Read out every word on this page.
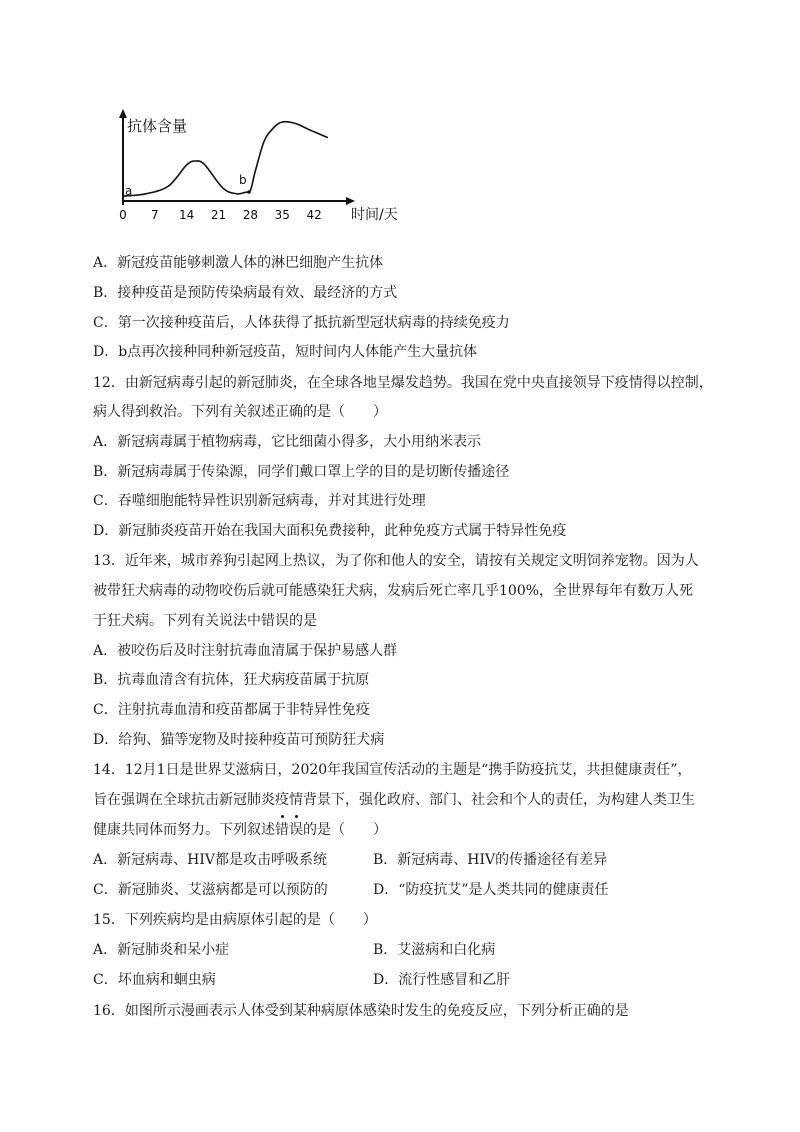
抗体含量
时间/天
0 7 14 21 28 35 42
a
b
A．新冠疫苗能够刺激人体的淋巴细胞产生抗体
B．接种疫苗是预防传染病最有效、最经济的方式
C．第一次接种疫苗后，人体获得了抵抗新型冠状病毒的持续免疫力
D．b点再次接种同种新冠疫苗，短时间内人体能产生大量抗体
12．由新冠病毒引起的新冠肺炎，在全球各地呈爆发趋势。我国在党中央直接领导下疫情得以控制，
病人得到救治。下列有关叙述正确的是（　　）
A．新冠病毒属于植物病毒，它比细菌小得多，大小用纳米表示
B．新冠病毒属于传染源，同学们戴口罩上学的目的是切断传播途径
C．吞噬细胞能特异性识别新冠病毒，并对其进行处理
D．新冠肺炎疫苗开始在我国大面积免费接种，此种免疫方式属于特异性免疫
13．近年来，城市养狗引起网上热议，为了你和他人的安全，请按有关规定文明饲养宠物。因为人
被带狂犬病毒的动物咬伤后就可能感染狂犬病，发病后死亡率几乎100%，全世界每年有数万人死
于狂犬病。下列有关说法中错误的是
A．被咬伤后及时注射抗毒血清属于保护易感人群
B．抗毒血清含有抗体，狂犬病疫苗属于抗原
C．注射抗毒血清和疫苗都属于非特异性免疫
D．给狗、猫等宠物及时接种疫苗可预防狂犬病
14．12月1日是世界艾滋病日，2020年我国宣传活动的主题是“携手防疫抗艾，共担健康责任”，
旨在强调在全球抗击新冠肺炎疫情背景下，强化政府、部门、社会和个人的责任，为构建人类卫生
健康共同体而努力。下列叙述错误的是（　　）
A．新冠病毒、HIV都是攻击呼吸系统	B．新冠病毒、HIV的传播途径有差异
C．新冠肺炎、艾滋病都是可以预防的	D．“防疫抗艾”是人类共同的健康责任
15．下列疾病均是由病原体引起的是（　　）
A．新冠肺炎和呆小症	B．艾滋病和白化病
C．坏血病和蛔虫病	D．流行性感冒和乙肝
16．如图所示漫画表示人体受到某种病原体感染时发生的免疫反应，下列分析正确的是
